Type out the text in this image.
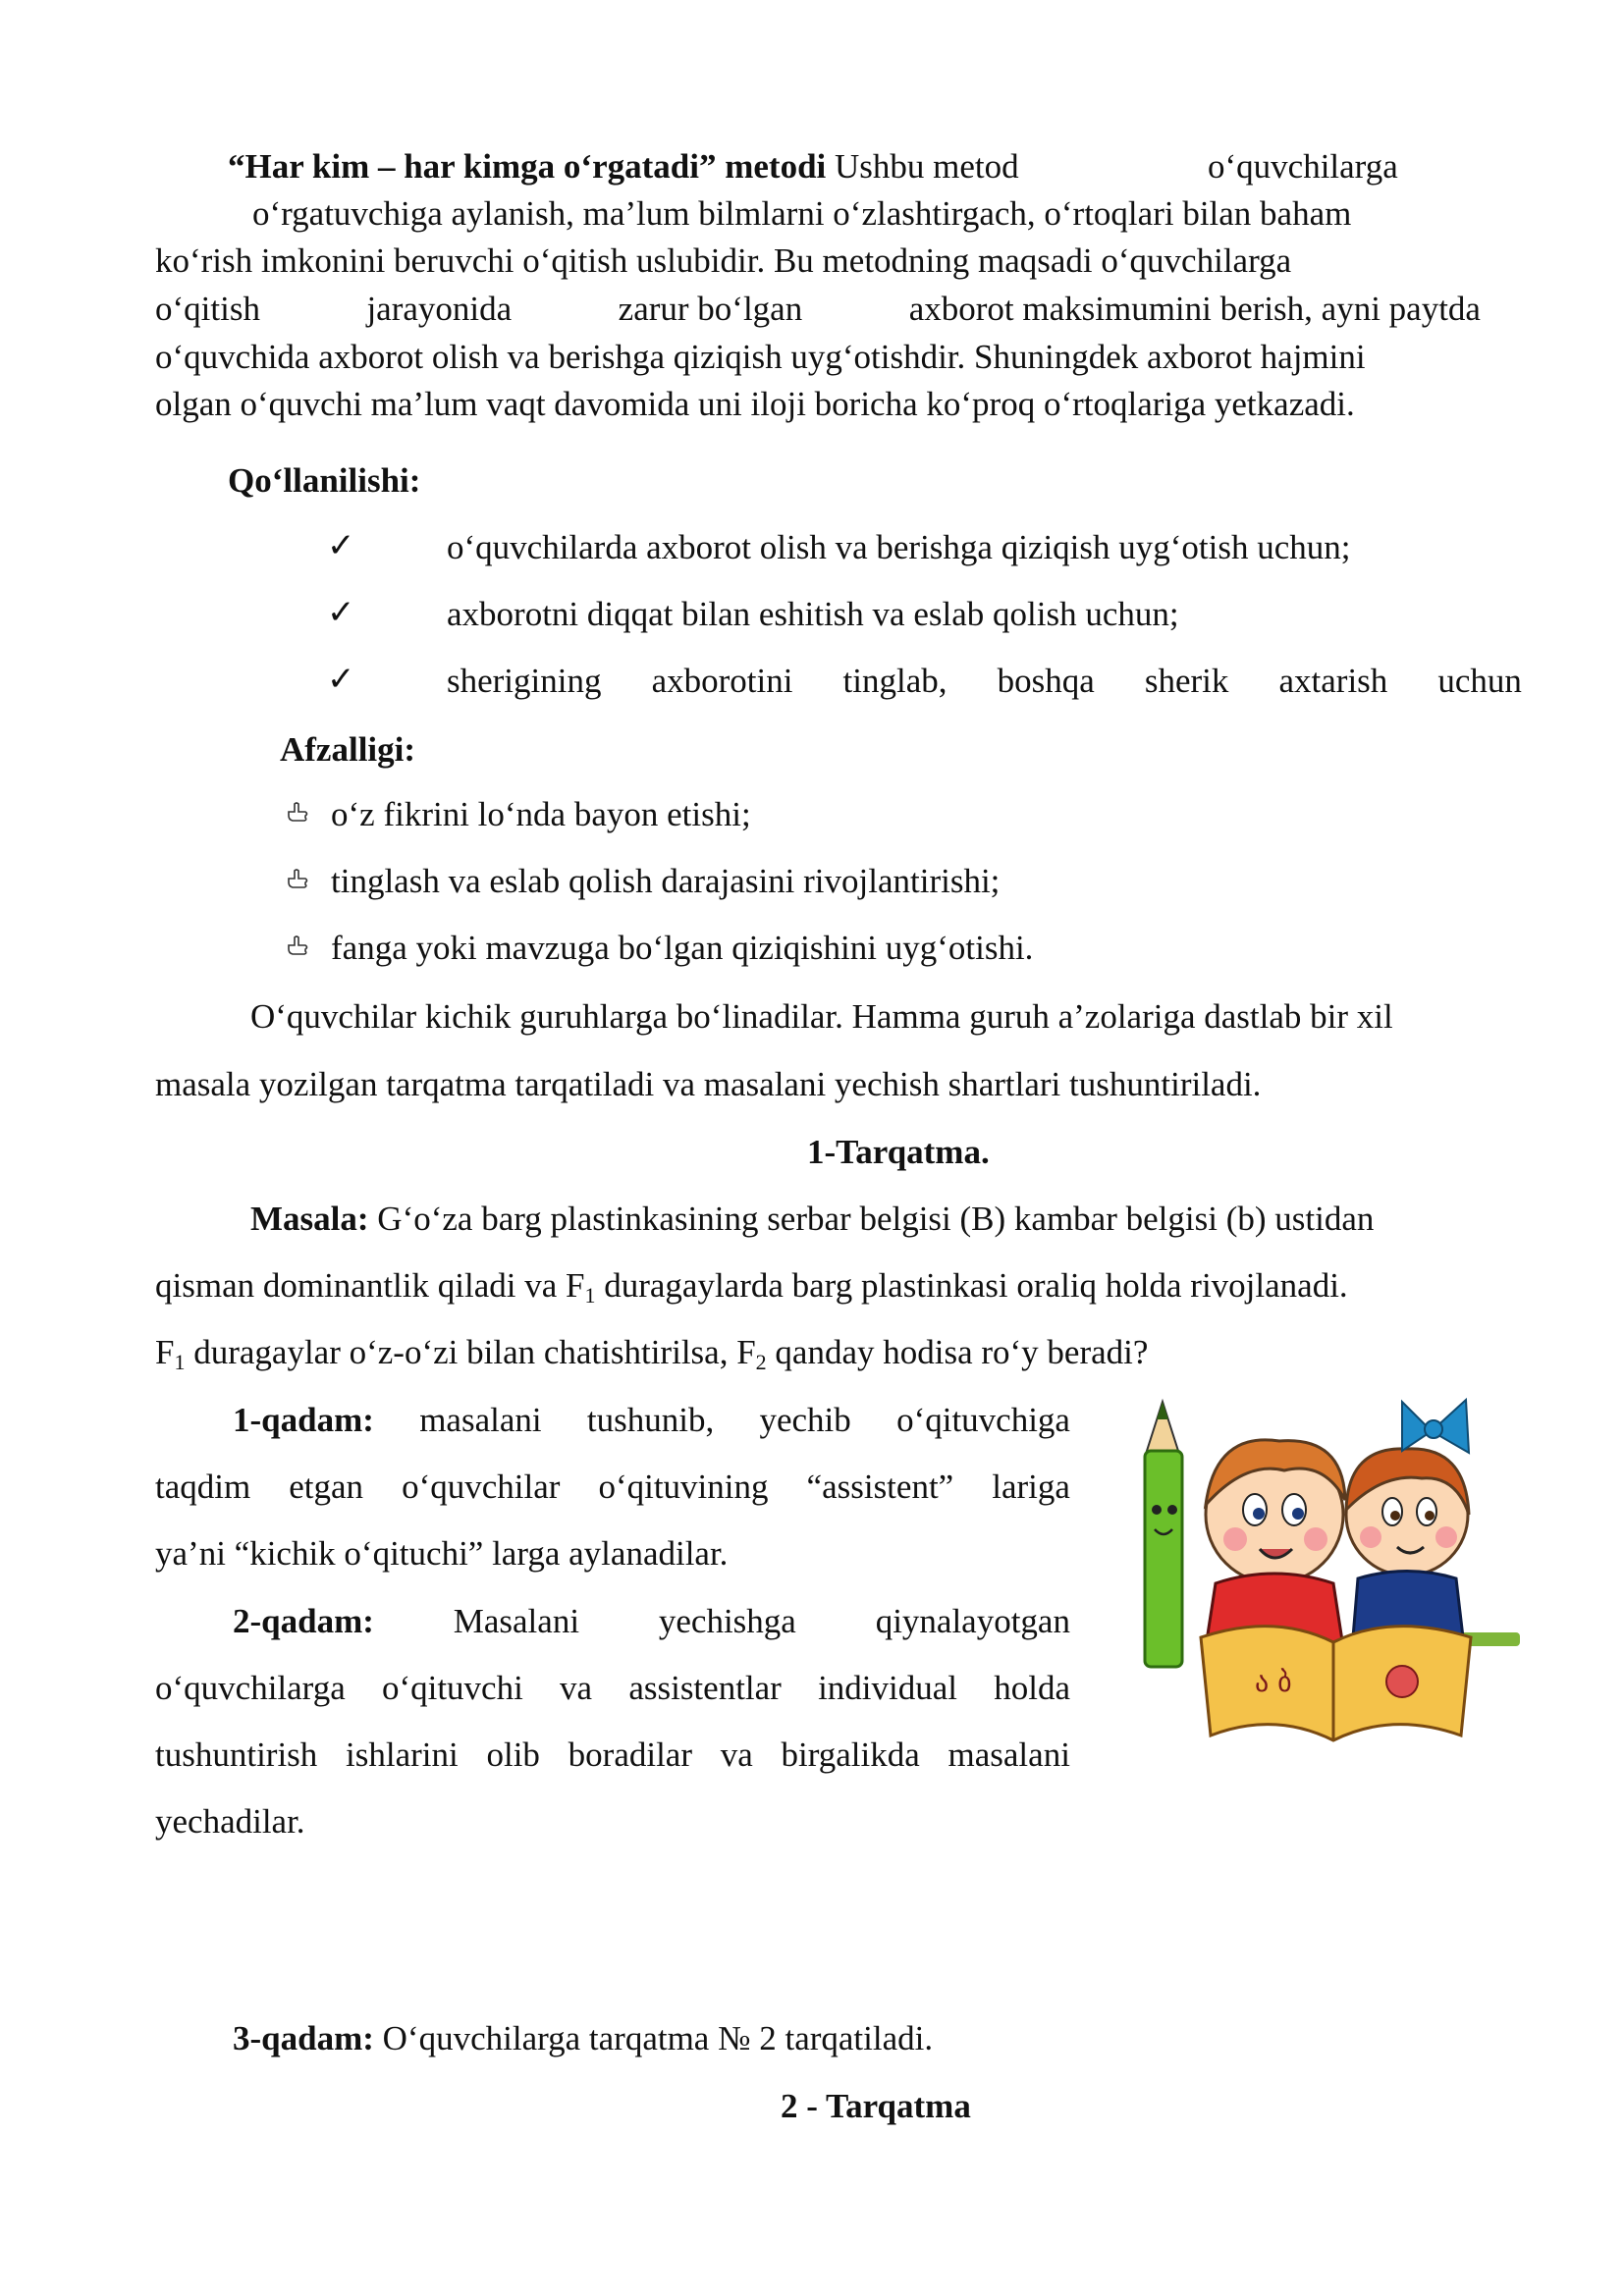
“Har kim – har kimga o‘rgatadi” metodi Ushbu metod	o‘quvchilarga
o‘rgatuvchiga aylanish, ma’lum bilmlarni o‘zlashtirgach, o‘rtoqlari bilan baham
ko‘rish imkonini beruvchi o‘qitish uslubidir. Bu metodning maqsadi o‘quvchilarga
o‘qitish	jarayonida	zarur bo‘lgan	axborot maksimumini berish, ayni paytda
o‘quvchida axborot olish va berishga qiziqish uyg‘otishdir. Shuningdek axborot hajmini
olgan o‘quvchi ma’lum vaqt davomida uni iloji boricha ko‘proq o‘rtoqlariga yetkazadi.
Qo‘llanilishi:
✓	o‘quvchilarda axborot olish va berishga qiziqish uyg‘otish uchun;
✓	axborotni diqqat bilan eshitish va eslab qolish uchun;
✓	sherigining axborotini tinglab, boshqa sherik axtarish uchun
Afzalligi:
o‘z fikrini lo‘nda bayon etishi;
tinglash va eslab qolish darajasini rivojlantirishi;
fanga yoki mavzuga bo‘lgan qiziqishini uyg‘otishi.
O‘quvchilar kichik guruhlarga bo‘linadilar. Hamma guruh a’zolariga dastlab bir xil
masala yozilgan tarqatma tarqatiladi va masalani yechish shartlari tushuntiriladi.
1-Tarqatma.
Masala: G‘o‘za barg plastinkasining serbar belgisi (B) kambar belgisi (b) ustidan
qisman dominantlik qiladi va $F_1$ duragaylarda barg plastinkasi oraliq holda rivojlanadi.
$F_1$ duragaylar o‘z-o‘zi bilan chatishtirilsa, $F_2$ qanday hodisa ro‘y beradi?
1-qadam: masalani tushunib, yechib o‘qituvchiga
taqdim etgan o‘quvchilar o‘qituvining “assistent” lariga
ya’ni “kichik o‘qituchi” larga aylanadilar.
2-qadam: Masalani yechishga qiynalayotgan
o‘quvchilarga o‘qituvchi va assistentlar individual holda
tushuntirish ishlarini olib boradilar va birgalikda masalani
yechadilar.
ა ბ
3-qadam: O‘quvchilarga tarqatma № 2 tarqatiladi.
2 - Tarqatma
